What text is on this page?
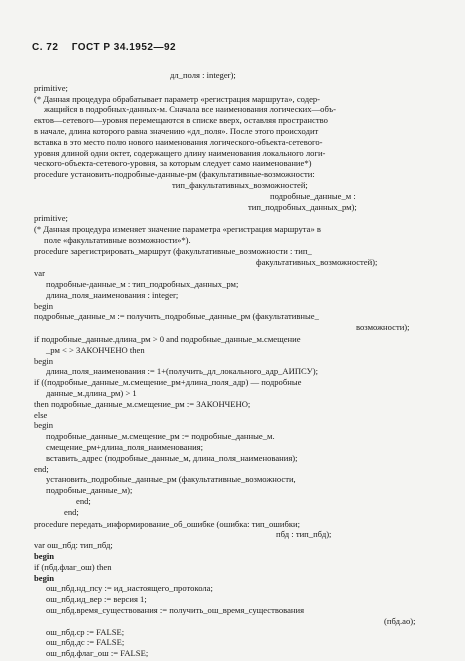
С. 72 ГОСТ Р 34.1952—92
дл_поля : integer);
primitive;
(* Данная процедура обрабатывает параметр «регистрация маршрута», содер-
жащийся в подробных-данных-м. Сначала все наименования логических—объ-
ектов—сетевого—уровня перемещаются в списке вверх, оставляя пространство
в начале, длина которого равна значению «дл_поля». После этого происходит
вставка в это место полю нового наименования логического-объекта-сетевого-
уровня длиной одни октет, содержащего длину наименования локального логи-
ческого-объекта-сетевого-уровня, за которым следует само наименование*)
procedure установить-подробные-данные-рм (факультативные-возможности:
тип_факультативных_возможностей;
подробные_данные_м :
тип_подробных_данных_рм);
primitive;
(* Данная процедура изменяет значение параметра «регистрация маршрута» в
поле «факультативные возможности»*).
procedure зарегистрировать_маршрут (факультативные_возможности : тип_
факультативных_возможностей);
var
подробные-данные_м : тип_подробных_данных_рм;
длина_поля_наименования : integer;
begin
подробные_данные_м := получить_подробные_данные_рм (факультативные_
возможности);
if подробные_данные.длина_рм > 0 and подробные_данные_м.смещение
_рм < > ЗАКОНЧЕНО then
begin
длина_поля_наименования := 1+(получить_дл_локального_адр_АИПСУ);
if ((подробные_данные_м.смещение_рм+длина_поля_адр) — подробные
данные_м.длина_рм) > 1
then подробные_данные_м.смещение_рм := ЗАКОНЧЕНО;
else
begin
подробные_данные_м.смещение_рм := подробные_данные_м.
смещение_рм+длина_поля_наименования;
вставить_адрес (подробные_данные_м, длина_поля_наименования);
end;
установить_подробные_данные_рм (факультативные_возможности,
подробные_данные_м);
end;
end;
procedure передать_информирование_об_ошибке (ошибка: тип_ошибки;
пбд : тип_пбд);
var ош_пбд: тип_пбд;
begin
if (пбд.флаг_ош) then
begin
ош_пбд.нд_псу := ид_настоящего_протокола;
ош_пбд.ид_вер := версия 1;
ош_пбд.время_существования := получить_ош_время_существования
(пбд.ао);
ош_пбд.ср := FALSE;
ош_пбд.дс := FALSE;
ош_пбд.флаг_ош := FALSE;
